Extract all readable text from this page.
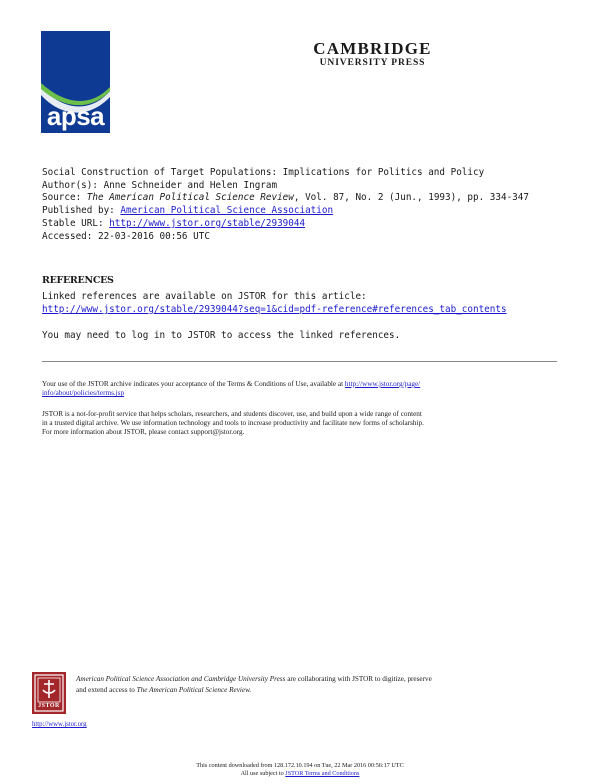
apsa
CAMBRIDGE
UNIVERSITY PRESS
Social Construction of Target Populations: Implications for Politics and Policy
Author(s): Anne Schneider and Helen Ingram
Source: The American Political Science Review, Vol. 87, No. 2 (Jun., 1993), pp. 334-347
Published by: American Political Science Association
Stable URL: http://www.jstor.org/stable/2939044
Accessed: 22-03-2016 00:56 UTC
REFERENCES
Linked references are available on JSTOR for this article:
http://www.jstor.org/stable/2939044?seq=1&cid=pdf-reference#references_tab_contents
You may need to log in to JSTOR to access the linked references.
Your use of the JSTOR archive indicates your acceptance of the Terms & Conditions of Use, available at http://www.jstor.org/page/
info/about/policies/terms.jsp
JSTOR is a not-for-profit service that helps scholars, researchers, and students discover, use, and build upon a wide range of content
in a trusted digital archive. We use information technology and tools to increase productivity and facilitate new forms of scholarship.
For more information about JSTOR, please contact support@jstor.org.
JSTOR
American Political Science Association and Cambridge University Press are collaborating with JSTOR to digitize, preserve
and extend access to The American Political Science Review.
http://www.jstor.org
This content downloaded from 128.172.10.194 on Tue, 22 Mar 2016 00:56:17 UTC
All use subject to JSTOR Terms and Conditions
